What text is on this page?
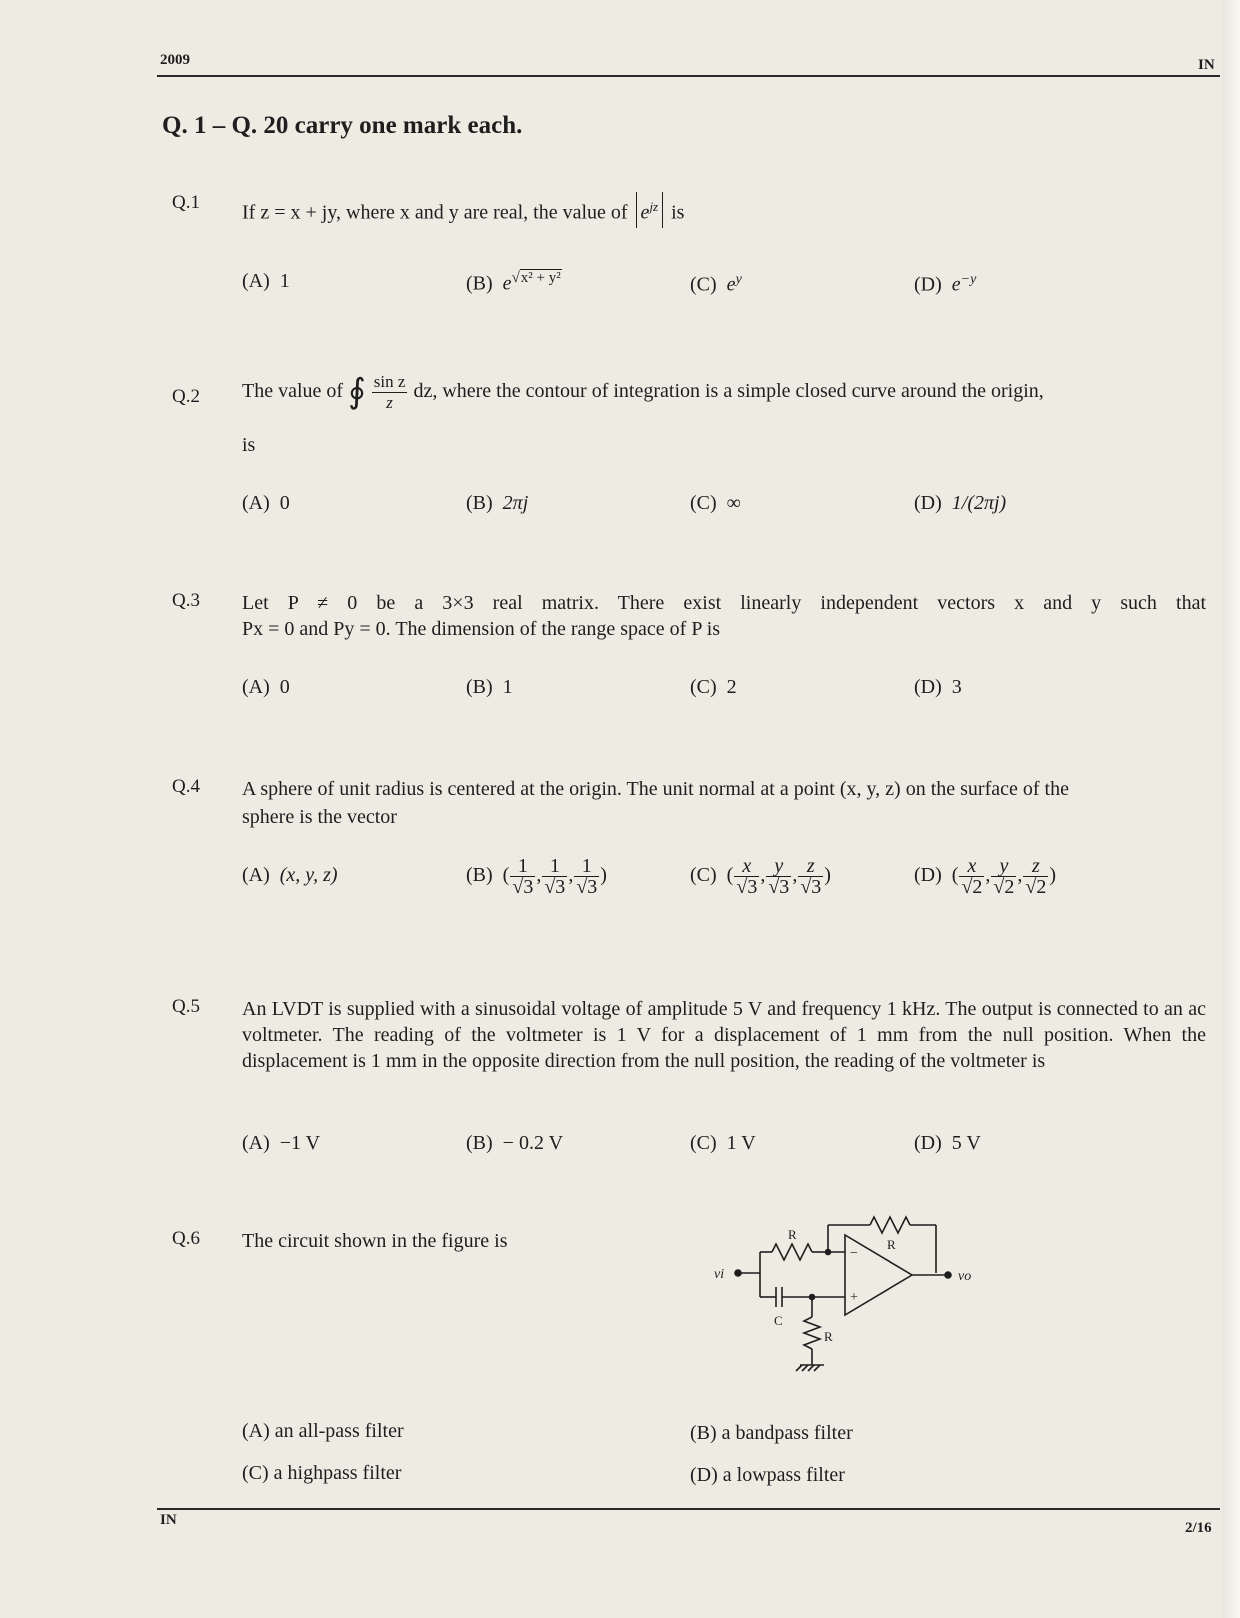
2009	IN
Q. 1 – Q. 20 carry one mark each.
Q.1 If z = x + jy, where x and y are real, the value of $e^{jz}$ is
(A) 1	(B) $e^{√x^2 + y^2}$	(C) $e^y$	(D) $e^{-y}$
Q.2 The value of ∮ $\frac{\text{sin z}}{z}$ dz, where the contour of integration is a simple closed curve around the origin,
is
(A) 0	(B) 2πj	(C) ∞	(D) 1/(2πj)
Q.3 Let P ≠ 0 be a 3×3 real matrix. There exist linearly independent vectors x and y such that
Px = 0 and Py = 0. The dimension of the range space of P is
(A) 0	(B) 1	(C) 2	(D) 3
Q.4 A sphere of unit radius is centered at the origin. The unit normal at a point (x, y, z) on the surface of the
sphere is the vector
(A) (x, y, z)	(B)  ( $\frac{1}{√3}$ , $\frac{1}{√3}$ , $\frac{1}{√3}$ )	(C)  ( $\frac{x}{√3}$ , $\frac{y}{√3}$ , $\frac{z}{√3}$ )	(D)  ( $\frac{x}{√2}$ , $\frac{y}{√2}$ , $\frac{z}{√2}$ )
Q.5 An LVDT is supplied with a sinusoidal voltage of amplitude 5 V and frequency 1 kHz. The output is connected to an ac voltmeter. The reading of the voltmeter is 1 V for a displacement of 1 mm from the null position. When the displacement is 1 mm in the opposite direction from the null position, the reading of the voltmeter is
(A) −1 V	(B) − 0.2 V	(C) 1 V	(D) 5 V
Q.6 The circuit shown in the figure is
−
+
R
R
R
C
vi	vo
(A) an all-pass filter	(B) a bandpass filter
(C) a highpass filter	(D) a lowpass filter
IN	2/16
